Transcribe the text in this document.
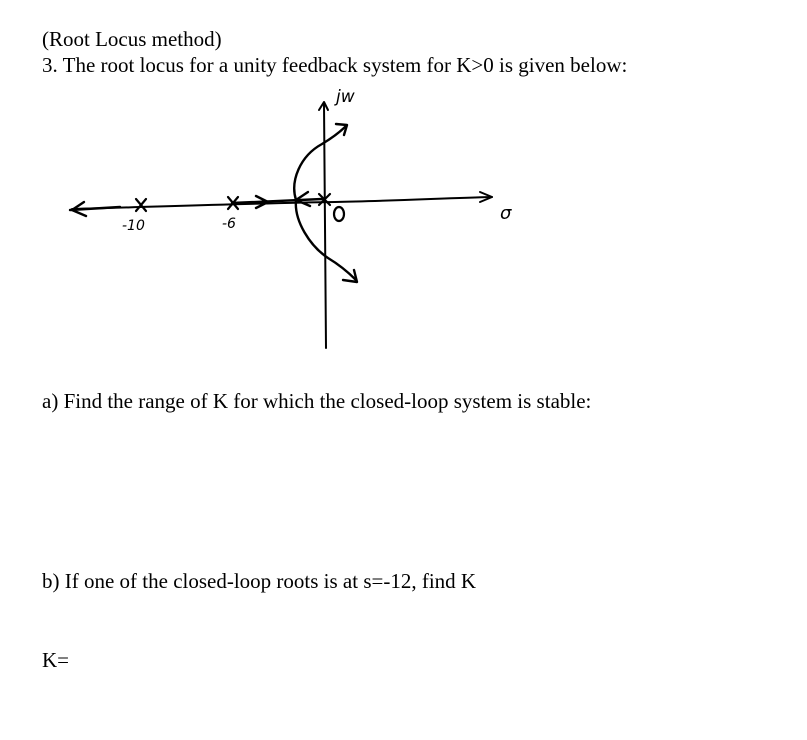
(Root Locus method)
3. The root locus for a unity feedback system for K>0 is given below:
jw
σ
-10	-6
a) Find the range of K for which the closed-loop system is stable:
b) If one of the closed-loop roots is at s=-12, find K
K=
